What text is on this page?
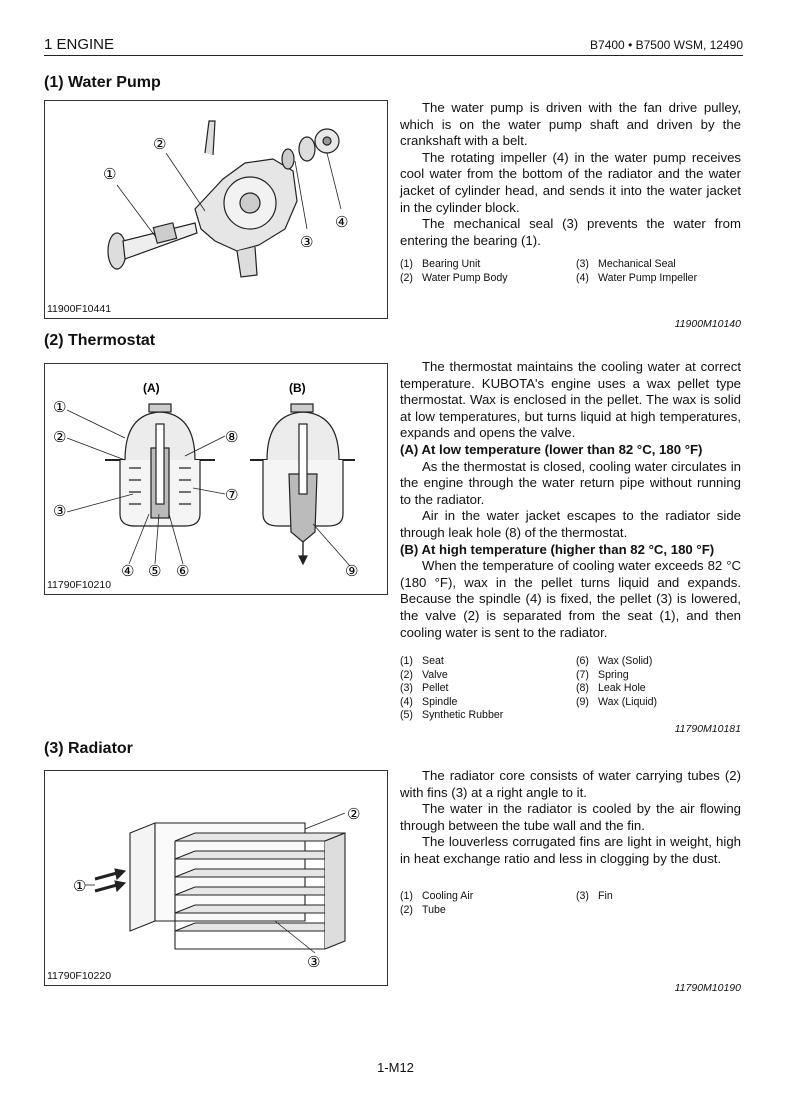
1 ENGINE	B7400 • B7500 WSM, 12490
(1) Water Pump
①
②
③
④
11900F10441

The water pump is driven with the fan drive pulley, which is on the water pump shaft and driven by the crankshaft with a belt.

The rotating impeller (4) in the water pump receives cool water from the bottom of the radiator and the water jacket of cylinder head, and sends it into the water jacket in the cylinder block.

The mechanical seal (3) prevents the water from entering the bearing (1).

(1) Bearing Unit
(2) Water Pump Body
(3) Mechanical Seal
(4) Water Pump Impeller
11900M10140
(2) Thermostat
(A)	(B)
①
②
③
④ ⑤ ⑥
⑦
⑧
⑨
11790F10210

The thermostat maintains the cooling water at correct temperature. KUBOTA's engine uses a wax pellet type thermostat. Wax is enclosed in the pellet. The wax is solid at low temperatures, but turns liquid at high temperatures, expands and opens the valve.

(A) At low temperature (lower than 82 °C, 180 °F)

As the thermostat is closed, cooling water circulates in the engine through the water return pipe without running to the radiator.

Air in the water jacket escapes to the radiator side through leak hole (8) of the thermostat.

(B) At high temperature (higher than 82 °C, 180 °F)

When the temperature of cooling water exceeds 82 °C (180 °F), wax in the pellet turns liquid and expands. Because the spindle (4) is fixed, the pellet (3) is lowered, the valve (2) is separated from the seat (1), and then cooling water is sent to the radiator.

(1) Seat
(2) Valve
(3) Pellet
(4) Spindle
(5) Synthetic Rubber
(6) Wax (Solid)
(7) Spring
(8) Leak Hole
(9) Wax (Liquid)
11790M10181
(3) Radiator
①
②
③
11790F10220

The radiator core consists of water carrying tubes (2) with fins (3) at a right angle to it.

The water in the radiator is cooled by the air flowing through between the tube wall and the fin.

The louverless corrugated fins are light in weight, high in heat exchange ratio and less in clogging by the dust.

(1) Cooling Air
(2) Tube
(3) Fin
11790M10190
1-M12
